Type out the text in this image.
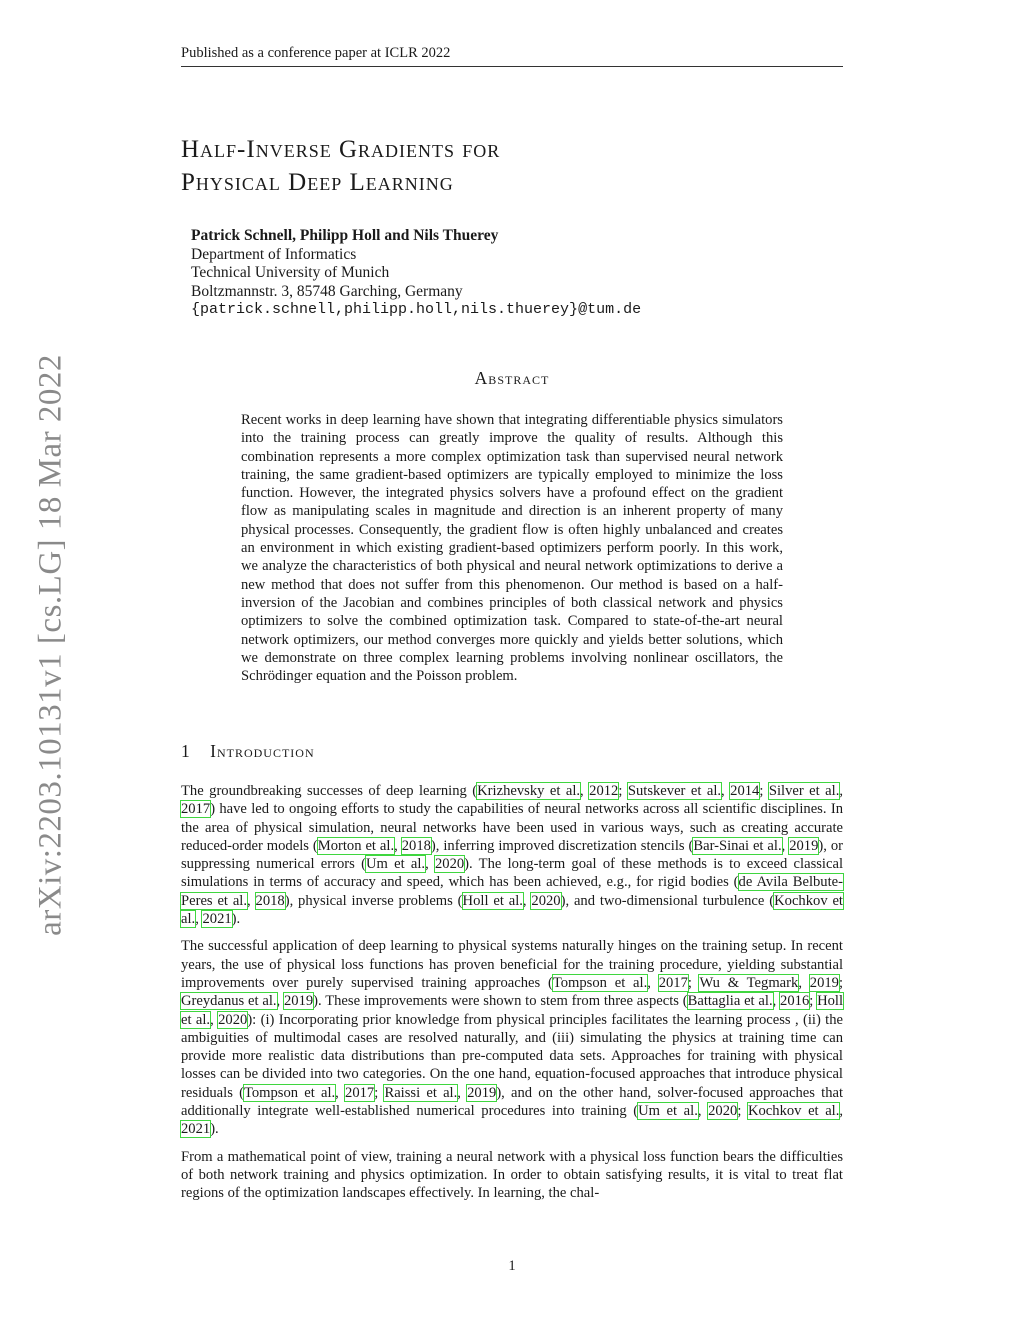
Published as a conference paper at ICLR 2022
arXiv:2203.10131v1 [cs.LG] 18 Mar 2022
Half-Inverse Gradients for
Physical Deep Learning
Patrick Schnell, Philipp Holl and Nils Thuerey
Department of Informatics
Technical University of Munich
Boltzmannstr. 3, 85748 Garching, Germany
{patrick.schnell,philipp.holl,nils.thuerey}@tum.de
Abstract
Recent works in deep learning have shown that integrating differentiable physics simulators into the training process can greatly improve the quality of results. Although this combination represents a more complex optimization task than supervised neural network training, the same gradient-based optimizers are typically employed to minimize the loss function. However, the integrated physics solvers have a profound effect on the gradient flow as manipulating scales in magnitude and direction is an inherent property of many physical processes. Consequently, the gradient flow is often highly unbalanced and creates an environment in which existing gradient-based optimizers perform poorly. In this work, we analyze the characteristics of both physical and neural network optimizations to derive a new method that does not suffer from this phenomenon. Our method is based on a half-inversion of the Jacobian and combines principles of both classical network and physics optimizers to solve the combined optimization task. Compared to state-of-the-art neural network optimizers, our method converges more quickly and yields better solutions, which we demonstrate on three complex learning problems involving nonlinear oscillators, the Schrödinger equation and the Poisson problem.
1 Introduction

The groundbreaking successes of deep learning (Krizhevsky et al., 2012; Sutskever et al., 2014; Silver et al., 2017) have led to ongoing efforts to study the capabilities of neural networks across all scientific disciplines. In the area of physical simulation, neural networks have been used in various ways, such as creating accurate reduced-order models (Morton et al., 2018), inferring improved discretization stencils (Bar-Sinai et al., 2019), or suppressing numerical errors (Um et al., 2020). The long-term goal of these methods is to exceed classical simulations in terms of accuracy and speed, which has been achieved, e.g., for rigid bodies (de Avila Belbute-Peres et al., 2018), physical inverse problems (Holl et al., 2020), and two-dimensional turbulence (Kochkov et al., 2021).

The successful application of deep learning to physical systems naturally hinges on the training setup. In recent years, the use of physical loss functions has proven beneficial for the training procedure, yielding substantial improvements over purely supervised training approaches (Tompson et al., 2017; Wu & Tegmark, 2019; Greydanus et al., 2019). These improvements were shown to stem from three aspects (Battaglia et al., 2016; Holl et al., 2020): (i) Incorporating prior knowledge from physical principles facilitates the learning process , (ii) the ambiguities of multimodal cases are resolved naturally, and (iii) simulating the physics at training time can provide more realistic data distributions than pre-computed data sets. Approaches for training with physical losses can be divided into two categories. On the one hand, equation-focused approaches that introduce physical residuals (Tompson et al., 2017; Raissi et al., 2019), and on the other hand, solver-focused approaches that additionally integrate well-established numerical procedures into training (Um et al., 2020; Kochkov et al., 2021).

From a mathematical point of view, training a neural network with a physical loss function bears the difficulties of both network training and physics optimization. In order to obtain satisfying results, it is vital to treat flat regions of the optimization landscapes effectively. In learning, the chal-

1
